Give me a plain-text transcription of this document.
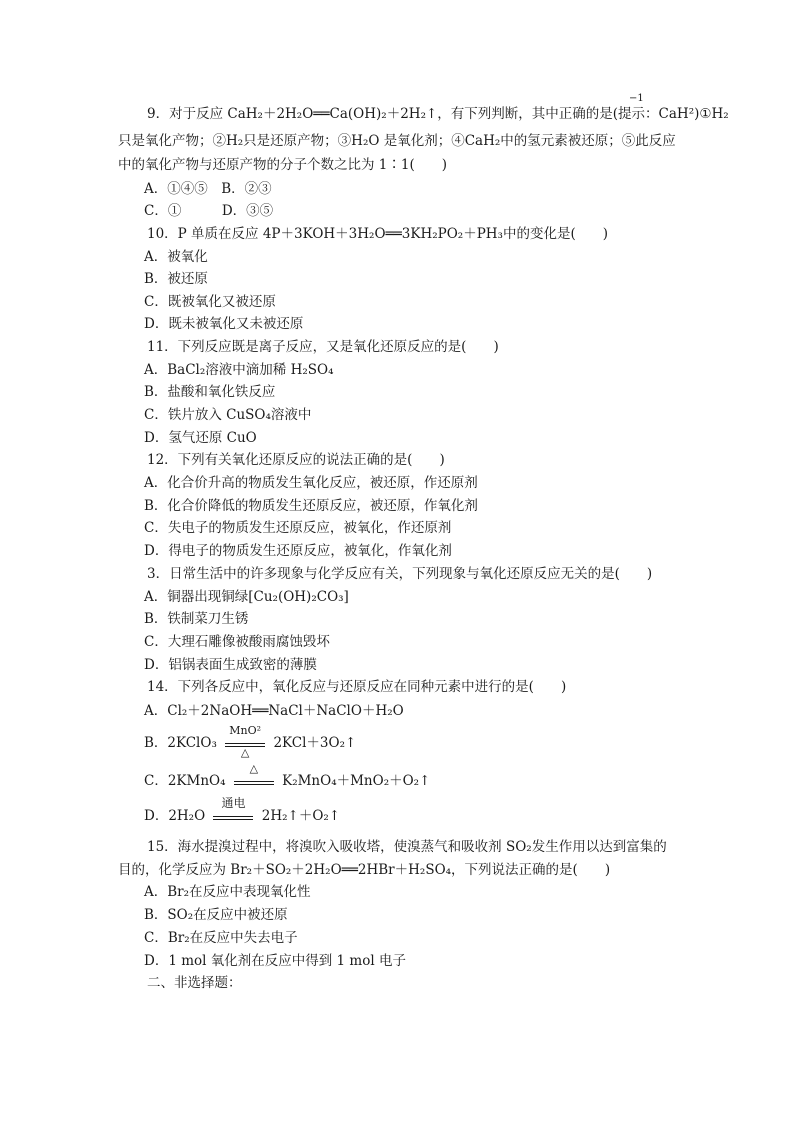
−1
9．对于反应 CaH₂＋2H₂O══Ca(OH)₂＋2H₂↑，有下列判断，其中正确的是(提示：CaH²)①H₂
只是氧化产物；②H₂只是还原产物；③H₂O 是氧化剂；④CaH₂中的氢元素被还原；⑤此反应
中的氧化产物与还原产物的分子个数之比为 1∶1(　　)
A．①④⑤　B．②③
C．①　　　D．③⑤
10．P 单质在反应 4P＋3KOH＋3H₂O══3KH₂PO₂＋PH₃中的变化是(　　)
A．被氧化
B．被还原
C．既被氧化又被还原
D．既未被氧化又未被还原
11．下列反应既是离子反应，又是氧化还原反应的是(　　)
A．BaCl₂溶液中滴加稀 H₂SO₄
B．盐酸和氧化铁反应
C．铁片放入 CuSO₄溶液中
D．氢气还原 CuO
12．下列有关氧化还原反应的说法正确的是(　　)
A．化合价升高的物质发生氧化反应，被还原，作还原剂
B．化合价降低的物质发生还原反应，被还原，作氧化剂
C．失电子的物质发生还原反应，被氧化，作还原剂
D．得电子的物质发生还原反应，被氧化，作氧化剂
3．日常生活中的许多现象与化学反应有关，下列现象与氧化还原反应无关的是(　　)
A．铜器出现铜绿[Cu₂(OH)₂CO₃]
B．铁制菜刀生锈
C．大理石雕像被酸雨腐蚀毁坏
D．铝锅表面生成致密的薄膜
14．下列各反应中，氧化反应与还原反应在同种元素中进行的是(　　)
A．Cl₂＋2NaOH══NaCl＋NaClO＋H₂O
B．2KClO₃
MnO²
△
2KCl＋3O₂↑
C．2KMnO₄
△
K₂MnO₄＋MnO₂＋O₂↑
D．2H₂O
通电
2H₂↑＋O₂↑
15．海水提溴过程中，将溴吹入吸收塔，使溴蒸气和吸收剂 SO₂发生作用以达到富集的
目的，化学反应为 Br₂＋SO₂＋2H₂O══2HBr＋H₂SO₄，下列说法正确的是(　　)
A．Br₂在反应中表现氧化性
B．SO₂在反应中被还原
C．Br₂在反应中失去电子
D．1 mol 氧化剂在反应中得到 1 mol 电子
二、非选择题：
